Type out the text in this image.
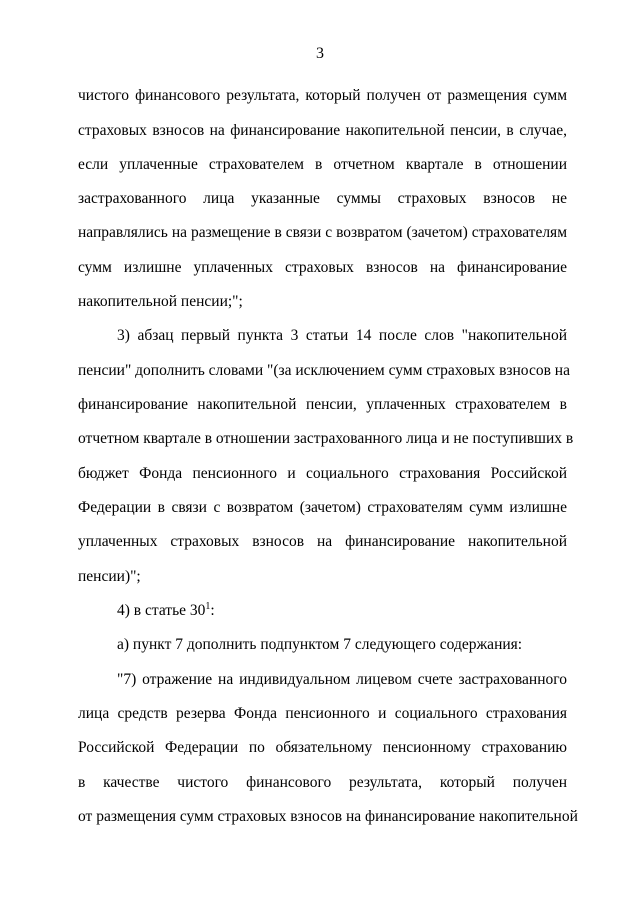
3
чистого финансового результата, который получен от размещения сумм
страховых взносов на финансирование накопительной пенсии, в случае,
если уплаченные страхователем в отчетном квартале в отношении
застрахованного лица указанные суммы страховых взносов не
направлялись на размещение в связи с возвратом (зачетом) страхователям
сумм излишне уплаченных страховых взносов на финансирование
накопительной пенсии;";
3) абзац первый пункта 3 статьи 14 после слов "накопительной
пенсии" дополнить словами "(за исключением сумм страховых взносов на
финансирование накопительной пенсии, уплаченных страхователем в
отчетном квартале в отношении застрахованного лица и не поступивших в
бюджет Фонда пенсионного и социального страхования Российской
Федерации в связи с возвратом (зачетом) страхователям сумм излишне
уплаченных страховых взносов на финансирование накопительной
пенсии)";
4) в статье $30^1$:
а) пункт 7 дополнить подпунктом 7 следующего содержания:
"7) отражение на индивидуальном лицевом счете застрахованного
лица средств резерва Фонда пенсионного и социального страхования
Российской Федерации по обязательному пенсионному страхованию
в качестве чистого финансового результата, который получен
от размещения сумм страховых взносов на финансирование накопительной
